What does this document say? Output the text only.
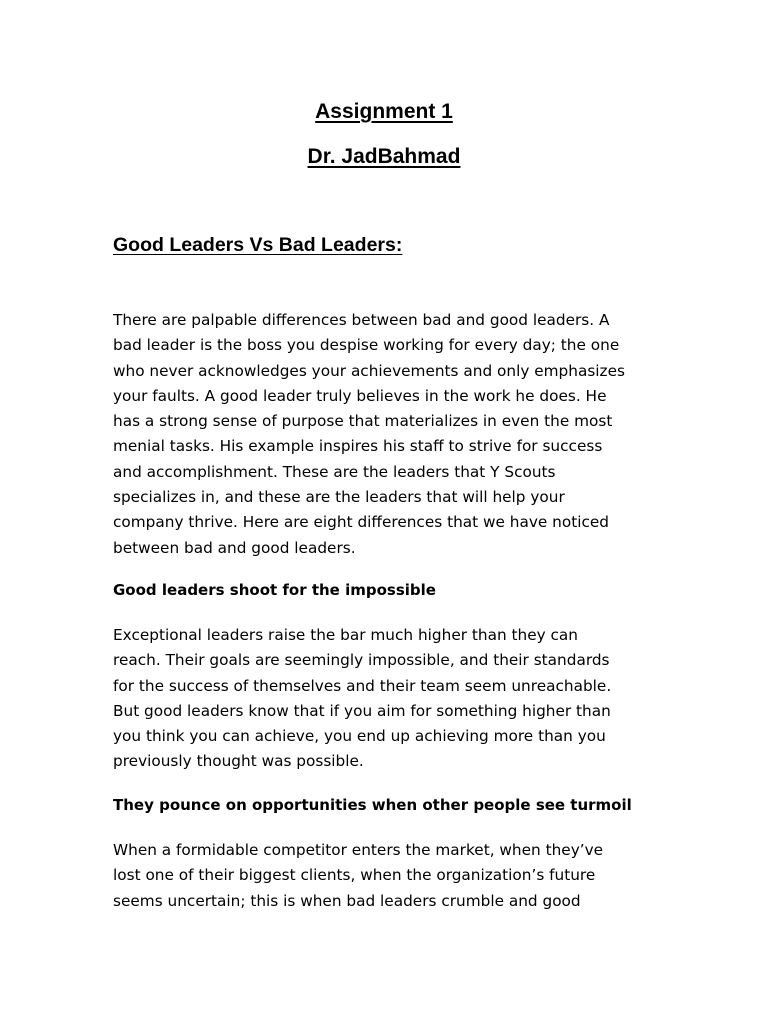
Assignment 1
Dr. JadBahmad
Good Leaders Vs Bad Leaders:

There are palpable differences between bad and good leaders. A
bad leader is the boss you despise working for every day; the one
who never acknowledges your achievements and only emphasizes
your faults. A good leader truly believes in the work he does. He
has a strong sense of purpose that materializes in even the most
menial tasks. His example inspires his staff to strive for success
and accomplishment. These are the leaders that Y Scouts
specializes in, and these are the leaders that will help your
company thrive. Here are eight differences that we have noticed
between bad and good leaders.

Good leaders shoot for the impossible

Exceptional leaders raise the bar much higher than they can
reach. Their goals are seemingly impossible, and their standards
for the success of themselves and their team seem unreachable.
But good leaders know that if you aim for something higher than
you think you can achieve, you end up achieving more than you
previously thought was possible.

They pounce on opportunities when other people see turmoil

When a formidable competitor enters the market, when they’ve
lost one of their biggest clients, when the organization’s future
seems uncertain; this is when bad leaders crumble and good
